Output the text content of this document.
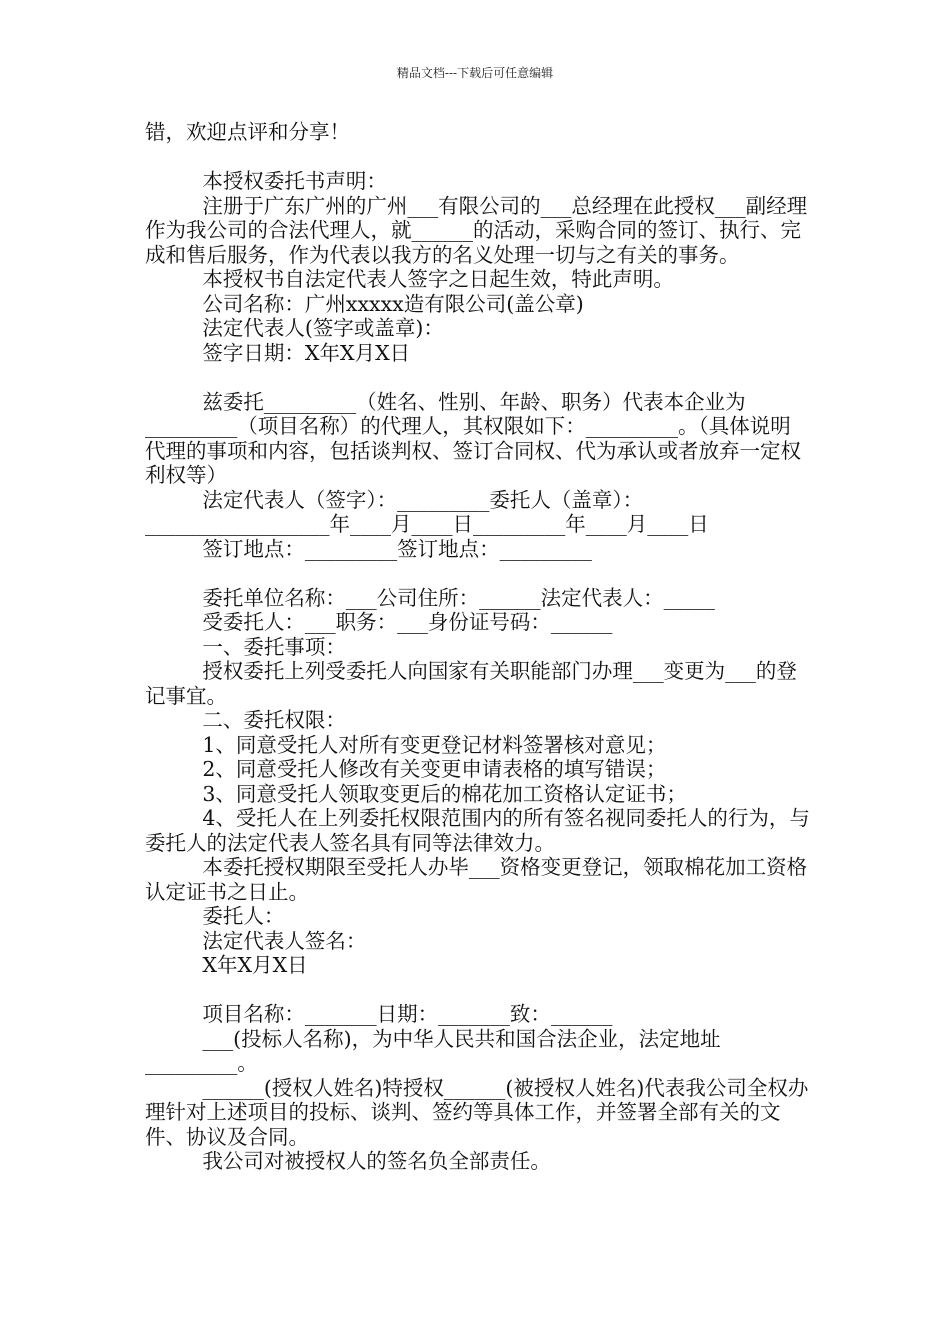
精品文档---下载后可任意编辑

错，欢迎点评和分享！

本授权委托书声明：

注册于广东广州的广州___有限公司的___总经理在此授权___副经理作为我公司的合法代理人，就______的活动，采购合同的签订、执行、完成和售后服务，作为代表以我方的名义处理一切与之有关的事务。

本授权书自法定代表人签字之日起生效，特此声明。

公司名称：广州xxxxx造有限公司(盖公章)

法定代表人(签字或盖章)：

签字日期：X年X月X日

兹委托_________（姓名、性别、年龄、职务）代表本企业为_________（项目名称）的代理人，其权限如下：_________。（具体说明代理的事项和内容，包括谈判权、签订合同权、代为承认或者放弃一定权利权等）

法定代表人（签字）：_________委托人（盖章）：__________________年____月____日_________年____月____日

签订地点：_________签订地点：_________

委托单位名称：___公司住所：______法定代表人：_____

受委托人：___职务：___身份证号码：______

一、委托事项：

授权委托上列受委托人向国家有关职能部门办理___变更为___的登记事宜。

二、委托权限：

1、同意受托人对所有变更登记材料签署核对意见；

2、同意受托人修改有关变更申请表格的填写错误；

3、同意受托人领取变更后的棉花加工资格认定证书；

4、受托人在上列委托权限范围内的所有签名视同委托人的行为，与委托人的法定代表人签名具有同等法律效力。

本委托授权期限至受托人办毕___资格变更登记，领取棉花加工资格认定证书之日止。

委托人：

法定代表人签名：

X年X月X日

项目名称：_______日期：_______致：______

___(投标人名称)，为中华人民共和国合法企业，法定地址_________。

______(授权人姓名)特授权______(被授权人姓名)代表我公司全权办理针对上述项目的投标、谈判、签约等具体工作，并签署全部有关的文件、协议及合同。

我公司对被授权人的签名负全部责任。
